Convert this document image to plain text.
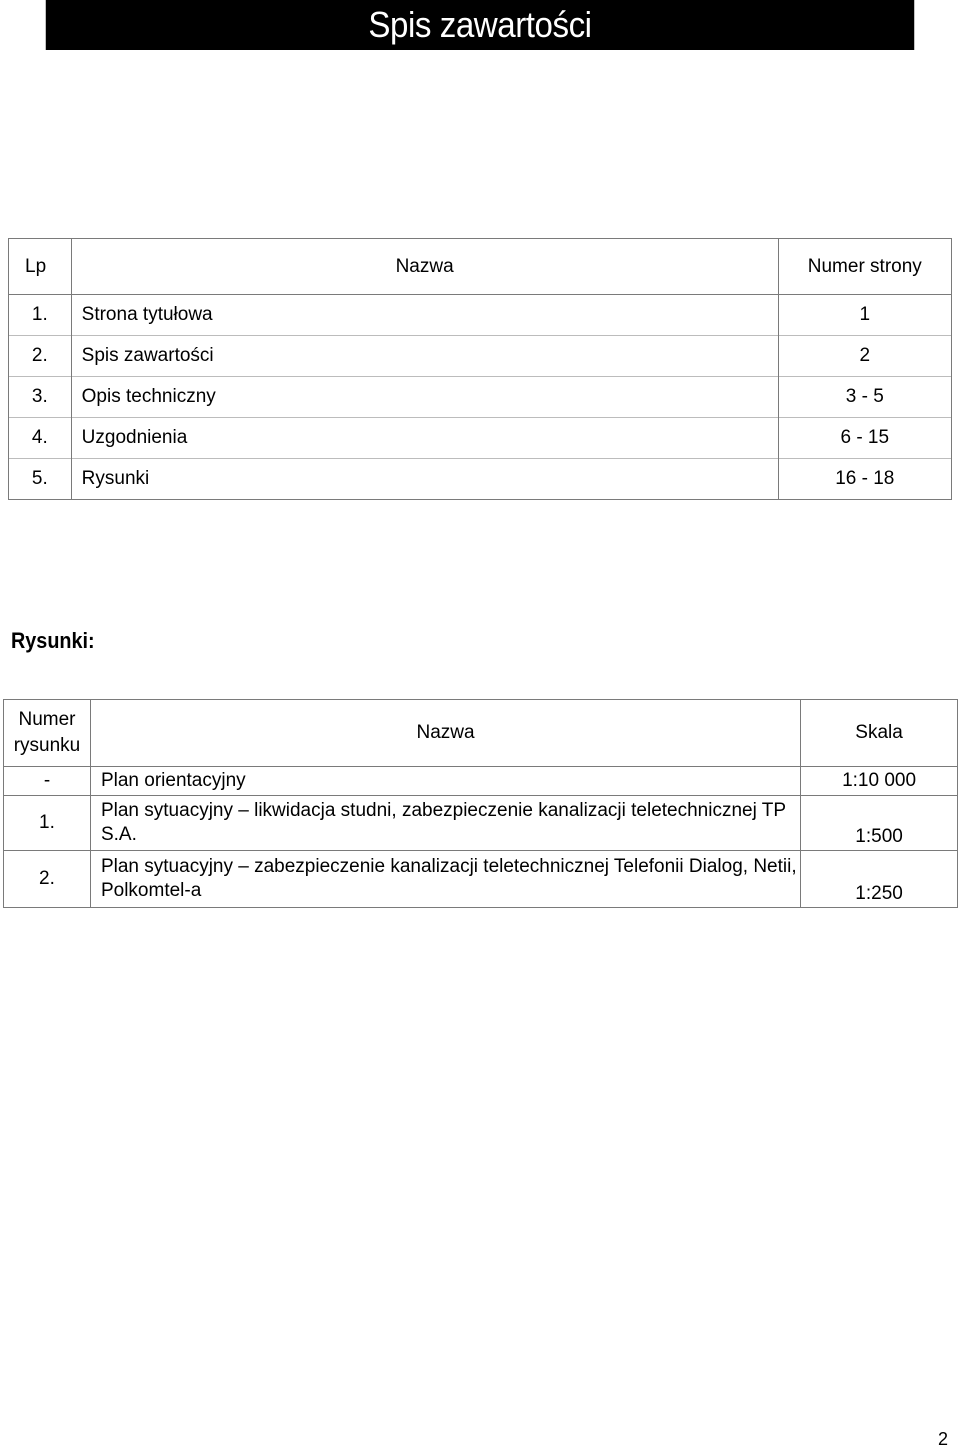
Spis zawartości
Lp	Nazwa	Numer strony
1.	Strona tytułowa	1
2.	Spis zawartości	2
3.	Opis techniczny	3 - 5
4.	Uzgodnienia	6 - 15
5.	Rysunki	16 - 18
Rysunki:
Numer rysunku	Nazwa	Skala
-	Plan orientacyjny	1:10 000
1.	Plan sytuacyjny – likwidacja studni, zabezpieczenie kanalizacji teletechnicznej TP S.A.	1:500
2.	Plan sytuacyjny – zabezpieczenie kanalizacji teletechnicznej Telefonii Dialog, Netii, Polkomtel-a	1:250
2
